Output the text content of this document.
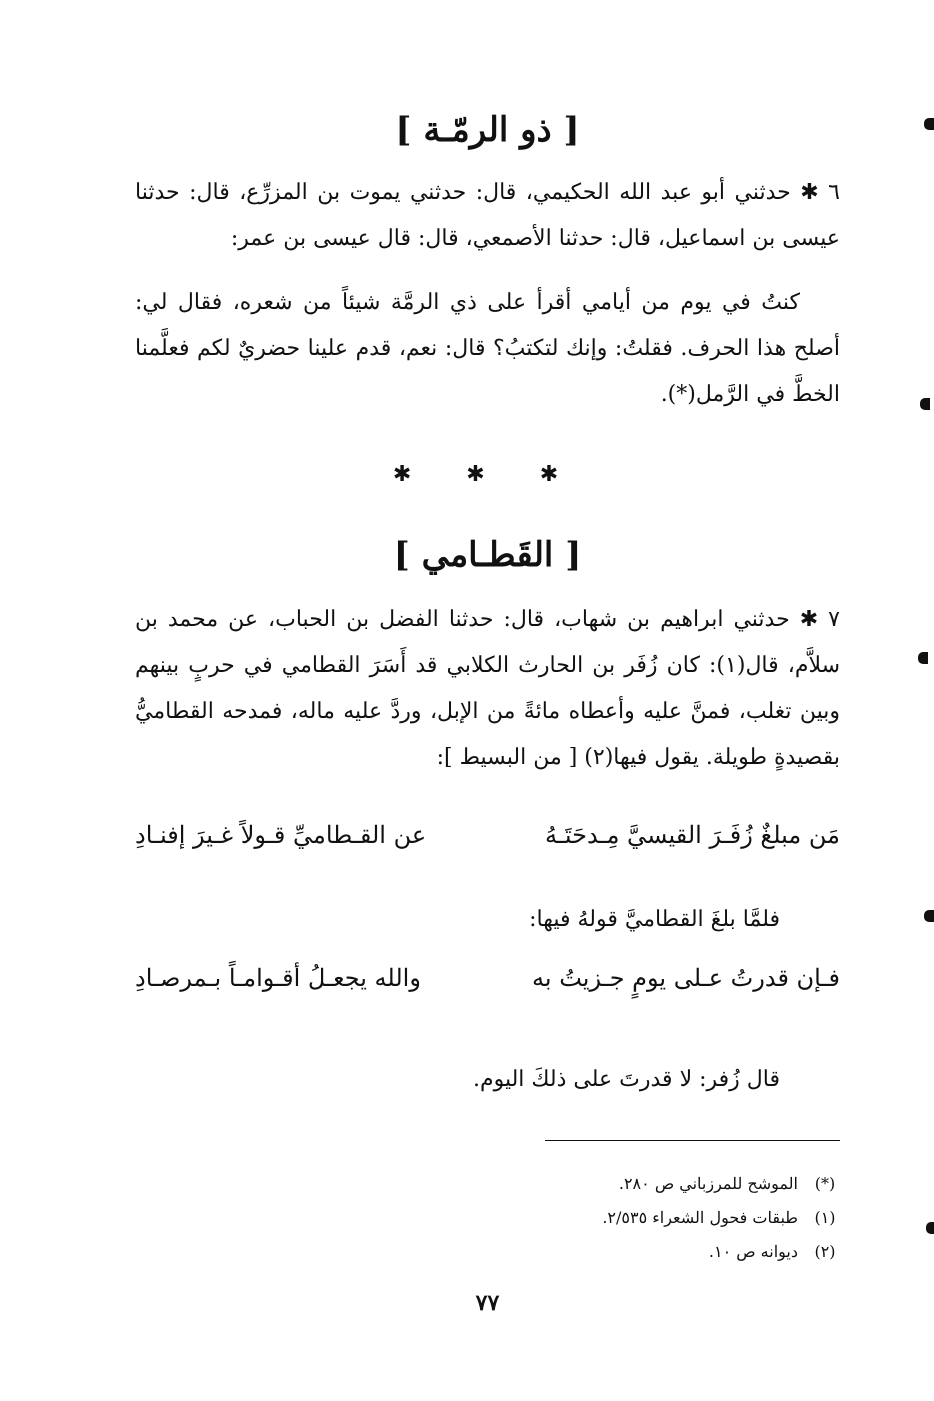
[ ذو الرمّـة ]

٦ ✱ حدثني أبو عبد الله الحكيمي، قال: حدثني يموت بن المزرِّع، قال: حدثنا عيسى بن اسماعيل، قال: حدثنا الأصمعي، قال: قال عيسى بن عمر:

كنتُ في يوم من أيامي أقرأ على ذي الرمَّة شيئاً من شعره، فقال لي: أصلح هذا الحرف. فقلتُ: وإنك لتكتبُ؟ قال: نعم، قدم علينا حضريٌ لكم فعلَّمنا الخطَّ في الرَّمل(*).

✱ ✱ ✱
[ القَطـامي ]

٧ ✱ حدثني ابراهيم بن شهاب، قال: حدثنا الفضل بن الحباب، عن محمد بن سلاَّم، قال(١): كان زُفَر بن الحارث الكلابي قد أَسَرَ القطامي في حربٍ بينهم وبين تغلب، فمنَّ عليه وأعطاه مائةً من الإبل، وردَّ عليه ماله، فمدحه القطاميُّ بقصيدةٍ طويلة. يقول فيها(٢) [ من البسيط ]:

مَن مبلغٌ زُفَـرَ القيسيَّ مِـدحَتَـهُ
عن القـطاميِّ قـولاً غـيرَ إفنـادِ
فلمَّا بلغَ القطاميَّ قولهُ فيها:
فـإن قدرتُ عـلى يومٍ جـزيتُ به
والله يجعـلُ أقـوامـاً بـمرصـادِ
قال زُفر: لا قدرتَ على ذلكَ اليوم.
(*)
الموشح للمرزباني ص ٢٨٠.
(١)
طبقات فحول الشعراء ٢/٥٣٥.
(٢)
ديوانه ص ١٠.
٧٧
